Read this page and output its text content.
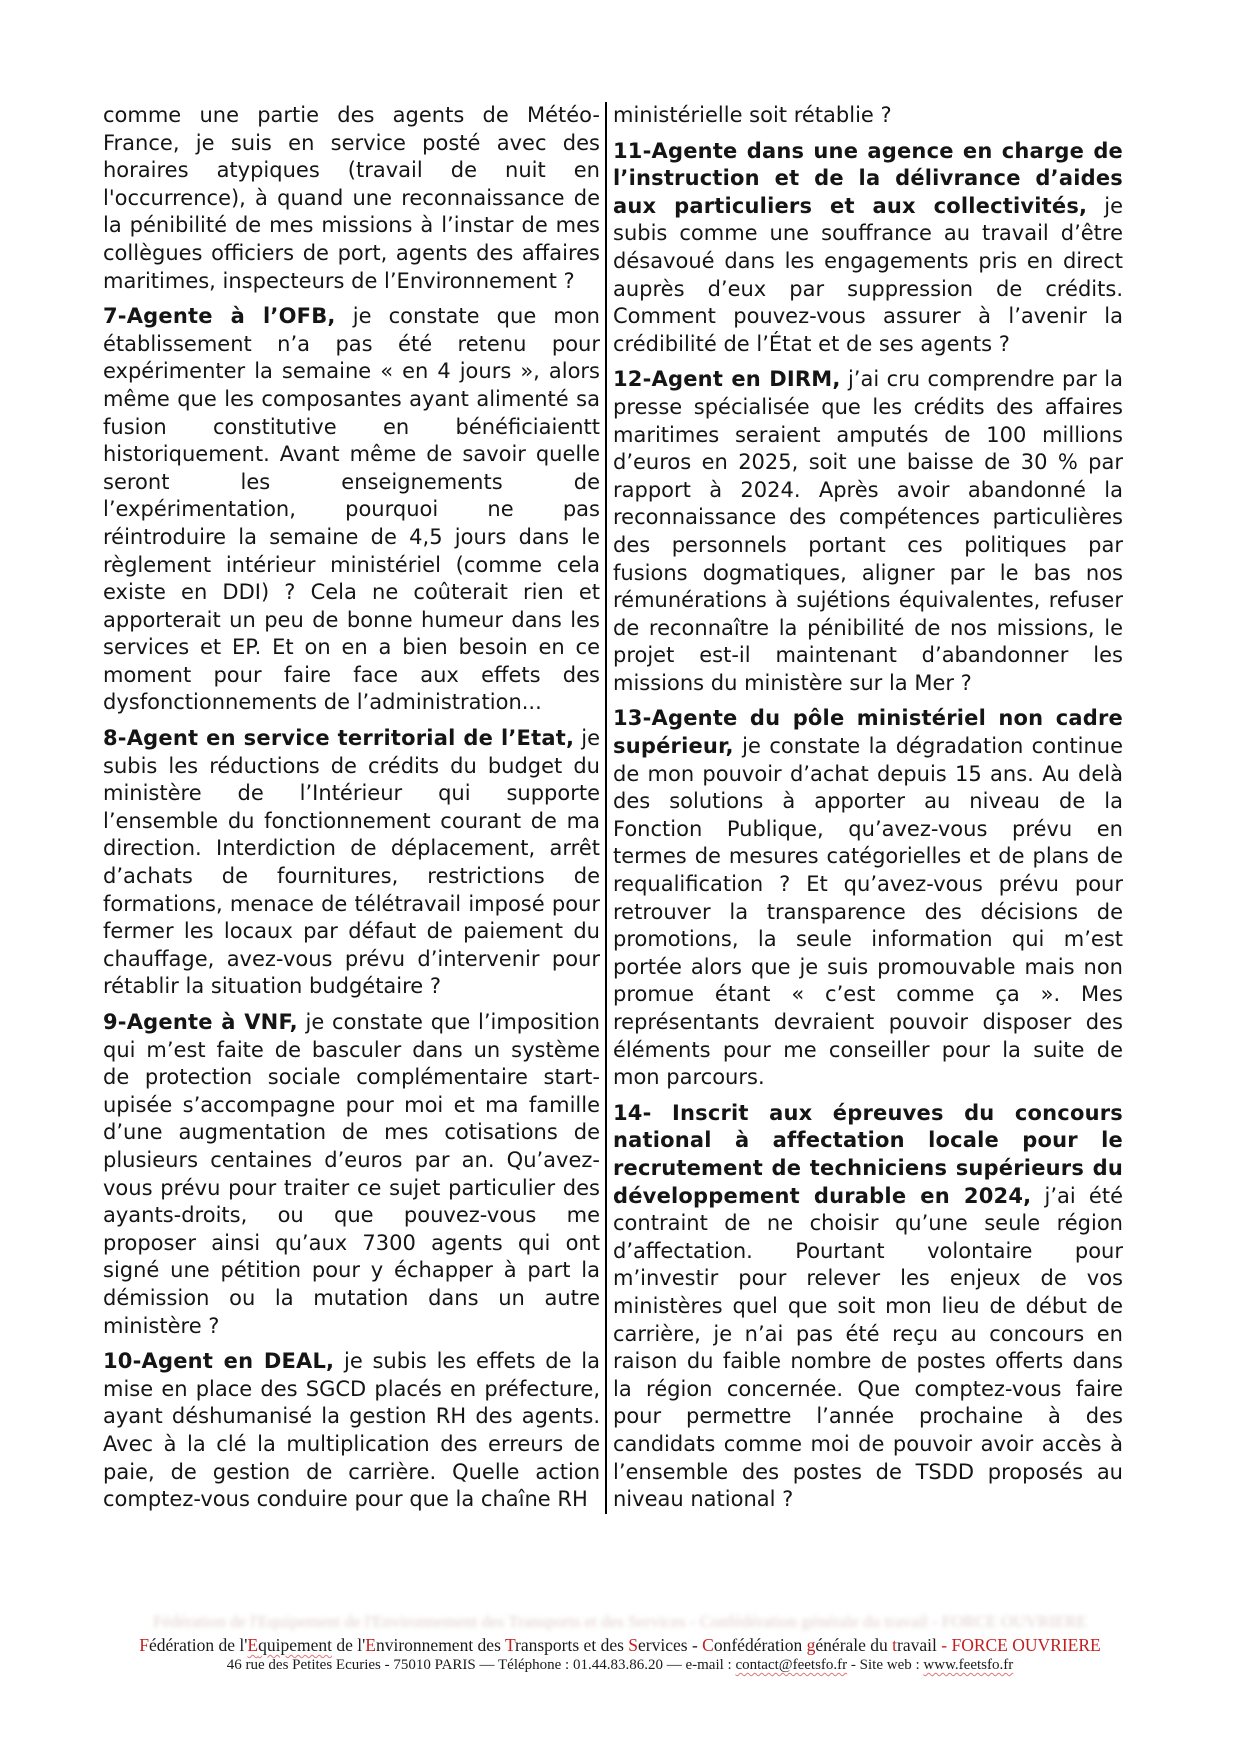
comme une partie des agents de Météo-France, je suis en service posté avec des horaires atypiques (travail de nuit en l'occurrence), à quand une reconnaissance de la pénibilité de mes missions à l’instar de mes collègues officiers de port, agents des affaires maritimes, inspecteurs de l’Environnement ?

7-Agente à l’OFB, je constate que mon établissement n’a pas été retenu pour expérimenter la semaine « en 4 jours », alors même que les composantes ayant alimenté sa fusion constitutive en bénéficiaientt historiquement. Avant même de savoir quelle seront les enseignements de l’expérimentation, pourquoi ne pas réintroduire la semaine de 4,5 jours dans le règlement intérieur ministériel (comme cela existe en DDI) ? Cela ne coûterait rien et apporterait un peu de bonne humeur dans les services et EP. Et on en a bien besoin en ce moment pour faire face aux effets des dysfonctionnements de l’administration...

8-Agent en service territorial de l’Etat, je subis les réductions de crédits du budget du ministère de l’Intérieur qui supporte l’ensemble du fonctionnement courant de ma direction. Interdiction de déplacement, arrêt d’achats de fournitures, restrictions de formations, menace de télétravail imposé pour fermer les locaux par défaut de paiement du chauffage, avez-vous prévu d’intervenir pour rétablir la situation budgétaire ?

9-Agente à VNF, je constate que l’imposition qui m’est faite de basculer dans un système de protection sociale complémentaire start-upisée s’accompagne pour moi et ma famille d’une augmentation de mes cotisations de plusieurs centaines d’euros par an. Qu’avez-vous prévu pour traiter ce sujet particulier des ayants-droits, ou que pouvez-vous me proposer ainsi qu’aux 7300 agents qui ont signé une pétition pour y échapper à part la démission ou la mutation dans un autre ministère ?

10-Agent en DEAL, je subis les effets de la mise en place des SGCD placés en préfecture, ayant déshumanisé la gestion RH des agents. Avec à la clé la multiplication des erreurs de paie, de gestion de carrière. Quelle action comptez-vous conduire pour que la chaîne RH

ministérielle soit rétablie ?

11-Agente dans une agence en charge de l’instruction et de la délivrance d’aides aux particuliers et aux collectivités, je subis comme une souffrance au travail d’être désavoué dans les engagements pris en direct auprès d’eux par suppression de crédits. Comment pouvez-vous assurer à l’avenir la crédibilité de l’État et de ses agents ?

12-Agent en DIRM, j’ai cru comprendre par la presse spécialisée que les crédits des affaires maritimes seraient amputés de 100 millions d’euros en 2025, soit une baisse de 30 % par rapport à 2024. Après avoir abandonné la reconnaissance des compétences particulières des personnels portant ces politiques par fusions dogmatiques, aligner par le bas nos rémunérations à sujétions équivalentes, refuser de reconnaître la pénibilité de nos missions, le projet est-il maintenant d’abandonner les missions du ministère sur la Mer ?

13-Agente du pôle ministériel non cadre supérieur, je constate la dégradation continue de mon pouvoir d’achat depuis 15 ans. Au delà des solutions à apporter au niveau de la Fonction Publique, qu’avez-vous prévu en termes de mesures catégorielles et de plans de requalification ? Et qu’avez-vous prévu pour retrouver la transparence des décisions de promotions, la seule information qui m’est portée alors que je suis promouvable mais non promue étant « c’est comme ça ». Mes représentants devraient pouvoir disposer des éléments pour me conseiller pour la suite de mon parcours.

14- Inscrit aux épreuves du concours national à affectation locale pour le recrutement de techniciens supérieurs du développement durable en 2024, j’ai été contraint de ne choisir qu’une seule région d’affectation. Pourtant volontaire pour m’investir pour relever les enjeux de vos ministères quel que soit mon lieu de début de carrière, je n’ai pas été reçu au concours en raison du faible nombre de postes offerts dans la région concernée. Que comptez-vous faire pour permettre l’année prochaine à des candidats comme moi de pouvoir avoir accès à l’ensemble des postes de TSDD proposés au niveau national ?

Fédération de l'Equipement de l'Environnement des Transports et des Services - Confédération générale du travail - FORCE OUVRIERE
Fédération de l'Equipement de l'Environnement des Transports et des Services - Confédération générale du travail - FORCE OUVRIERE
46 rue des Petites Ecuries - 75010 PARIS — Téléphone : 01.44.83.86.20 — e-mail : contact@feetsfo.fr - Site web : www.feetsfo.fr
